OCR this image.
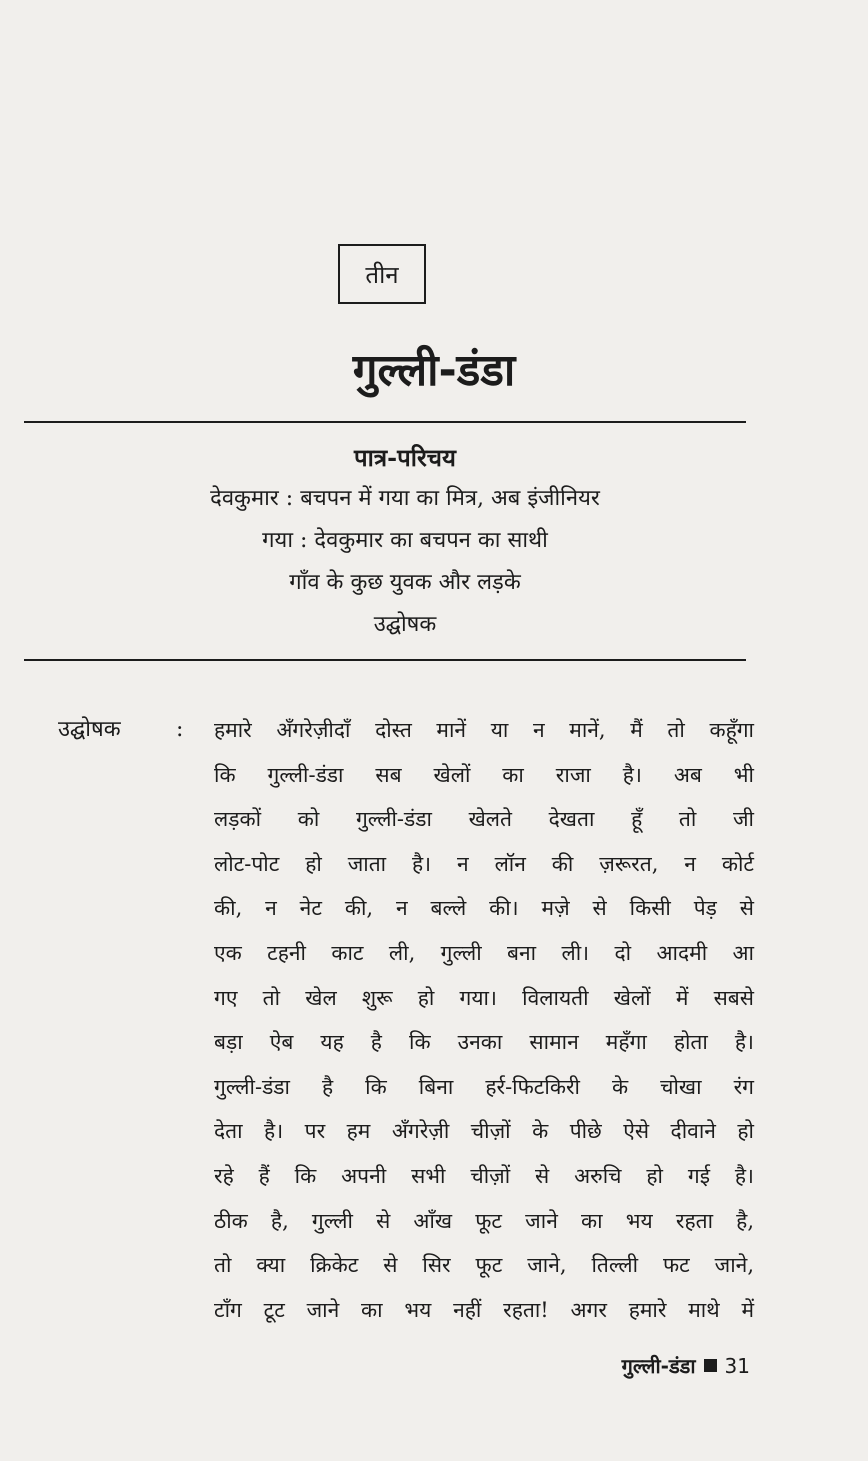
तीन
गुल्ली-डंडा
पात्र-परिचय
देवकुमार : बचपन में गया का मित्र, अब इंजीनियर
गया : देवकुमार का बचपन का साथी
गाँव के कुछ युवक और लड़के
उद्घोषक
उद्घोषक	: हमारे अँगरेज़ीदाँ दोस्त मानें या न मानें, मैं तो कहूँगा
कि गुल्ली-डंडा सब खेलों का राजा है। अब भी
लड़कों को गुल्ली-डंडा खेलते देखता हूँ तो जी
लोट-पोट हो जाता है। न लॉन की ज़रूरत, न कोर्ट
की, न नेट की, न बल्ले की। मज़े से किसी पेड़ से
एक टहनी काट ली, गुल्ली बना ली। दो आदमी आ
गए तो खेल शुरू हो गया। विलायती खेलों में सबसे
बड़ा ऐब यह है कि उनका सामान महँगा होता है।
गुल्ली-डंडा है कि बिना हर्र-फिटकिरी के चोखा रंग
देता है। पर हम अँगरेज़ी चीज़ों के पीछे ऐसे दीवाने हो
रहे हैं कि अपनी सभी चीज़ों से अरुचि हो गई है।
ठीक है, गुल्ली से आँख फूट जाने का भय रहता है,
तो क्या क्रिकेट से सिर फूट जाने, तिल्ली फट जाने,
टाँग टूट जाने का भय नहीं रहता! अगर हमारे माथे में
गुल्ली-डंडा 31
